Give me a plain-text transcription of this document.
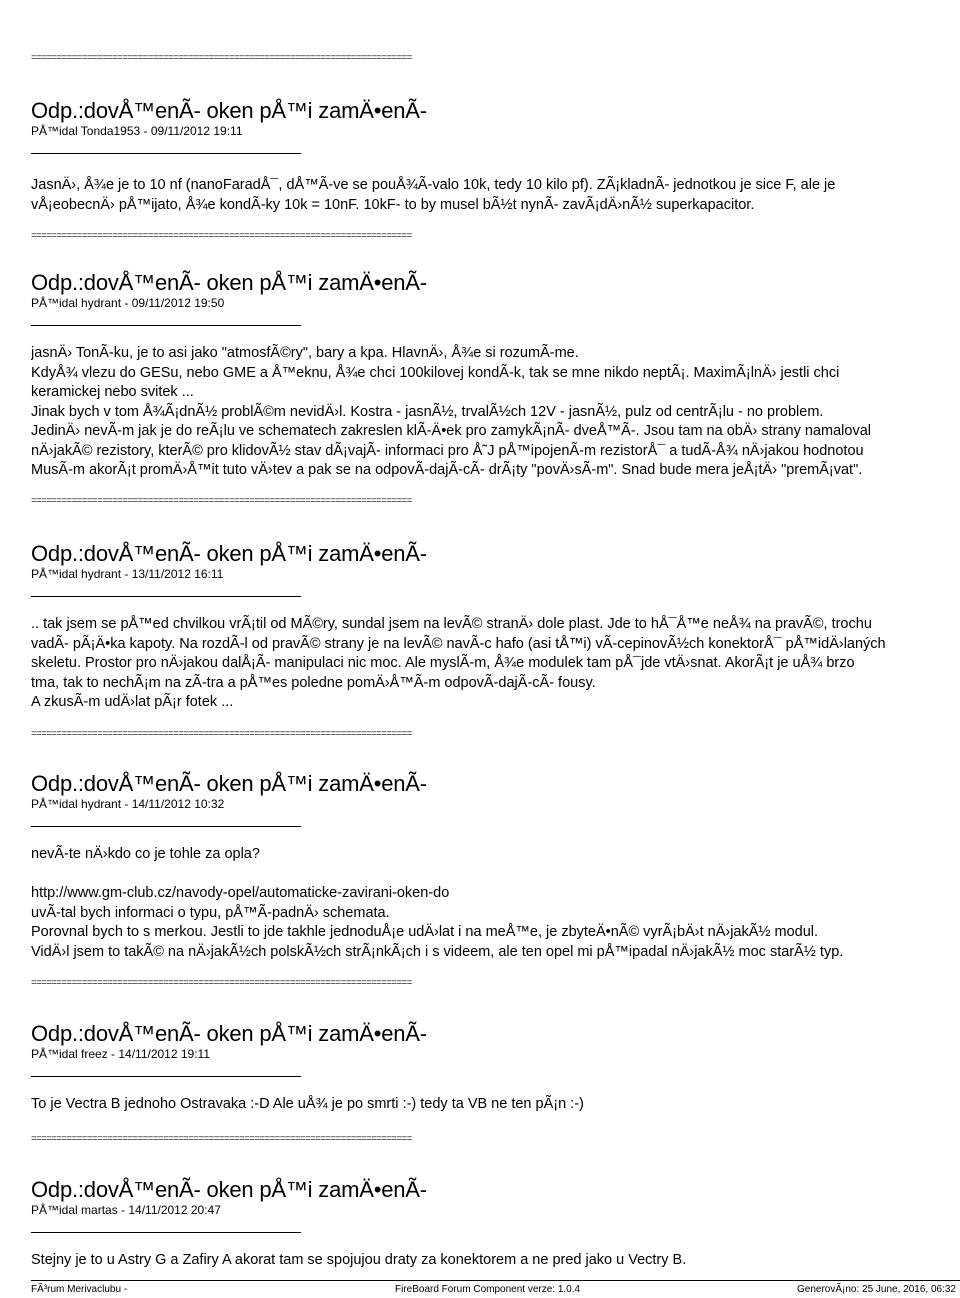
===========================================================================
===========================================================================
===========================================================================
===========================================================================
===========================================================================
===========================================================================
Odp.:dovÅ™enÃ- oken pÅ™i zamÄ•enÃ-

PÅ™idal Tonda1953 - 09/11/2012 19:11

JasnÄ›, Å¾e je to 10 nf (nanoFaradÅ¯, dÅ™Ã-ve se pouÅ¾Ã-valo 10k, tedy 10 kilo pf). ZÃ¡kladnÃ- jednotkou je sice F, ale je
vÅ¡eobecnÄ› pÅ™ijato, Å¾e kondÃ-ky 10k = 10nF. 10kF- to by musel bÃ½t nynÃ- zavÃ¡dÄ›nÃ½ superkapacitor.
Odp.:dovÅ™enÃ- oken pÅ™i zamÄ•enÃ-

PÅ™idal hydrant - 09/11/2012 19:50

jasnÄ› TonÃ-ku, je to asi jako "atmosfÃ©ry", bary a kpa. HlavnÄ›, Å¾e si rozumÃ-me.
KdyÅ¾ vlezu do GESu, nebo GME a Å™eknu, Å¾e chci 100kilovej kondÃ-k, tak se mne nikdo neptÃ¡. MaximÃ¡lnÄ› jestli chci
keramickej nebo svitek ...
Jinak bych v tom Å¾Ã¡dnÃ½ problÃ©m nevidÄ›l. Kostra - jasnÃ½, trvalÃ½ch 12V - jasnÃ½, pulz od centrÃ¡lu - no problem.
JedinÄ› nevÃ-m jak je do reÃ¡lu ve schematech zakreslen klÃ-Ä•ek pro zamykÃ¡nÃ- dveÅ™Ã-. Jsou tam na obÄ› strany namaloval
nÄ›jakÃ© rezistory, kterÃ© pro klidovÃ½ stav dÃ¡vajÃ- informaci pro Å˜J pÅ™ipojenÃ-m rezistorÅ¯ a tudÃ-Å¾ nÄ›jakou hodnotou
MusÃ-m akorÃ¡t promÄ›Å™it tuto vÄ›tev a pak se na odpovÃ-dajÃ-cÃ- drÃ¡ty "povÄ›sÃ-m". Snad bude mera jeÅ¡tÄ› "premÃ¡vat".
Odp.:dovÅ™enÃ- oken pÅ™i zamÄ•enÃ-

PÅ™idal hydrant - 13/11/2012 16:11

.. tak jsem se pÅ™ed chvilkou vrÃ¡til od MÃ©ry, sundal jsem na levÃ© stranÄ› dole plast. Jde to hÅ¯Å™e neÅ¾ na pravÃ©, trochu
vadÃ- pÃ¡Ä•ka kapoty. Na rozdÃ-l od pravÃ© strany je na levÃ© navÃ-c hafo (asi tÅ™i) vÃ-cepinovÃ½ch konektorÅ¯ pÅ™idÄ›laných
skeletu. Prostor pro nÄ›jakou dalÅ¡Ã- manipulaci nic moc. Ale myslÃ-m, Å¾e modulek tam pÅ¯jde vtÄ›snat. AkorÃ¡t je uÅ¾ brzo
tma, tak to nechÃ¡m na zÃ-tra a pÅ™es poledne pomÄ›Å™Ã-m odpovÃ-dajÃ-cÃ- fousy.
A zkusÃ-m udÄ›lat pÃ¡r fotek ...
Odp.:dovÅ™enÃ- oken pÅ™i zamÄ•enÃ-

PÅ™idal hydrant - 14/11/2012 10:32

nevÃ-te nÄ›kdo co je tohle za opla?
http://www.gm-club.cz/navody-opel/automaticke-zavirani-oken-do
uvÃ-tal bych informaci o typu, pÅ™Ã-padnÄ› schemata.
Porovnal bych to s merkou. Jestli to jde takhle jednoduÅ¡e udÄ›lat i na meÅ™e, je zbyteÄ•nÃ© vyrÃ¡bÄ›t nÄ›jakÃ½ modul.
VidÄ›l jsem to takÃ© na nÄ›jakÃ½ch polskÃ½ch strÃ¡nkÃ¡ch i s videem, ale ten opel mi pÅ™ipadal nÄ›jakÃ½ moc starÃ½ typ.
Odp.:dovÅ™enÃ- oken pÅ™i zamÄ•enÃ-

PÅ™idal freez - 14/11/2012 19:11

To je Vectra B jednoho Ostravaka :-D Ale uÅ¾ je po smrti :-) tedy ta VB ne ten pÃ¡n :-)
Odp.:dovÅ™enÃ- oken pÅ™i zamÄ•enÃ-

PÅ™idal martas - 14/11/2012 20:47

Stejny je to u Astry G a Zafiry A akorat tam se spojujou draty za konektorem a ne pred jako u Vectry B.
FÃ³rum Merivaclubu -	FireBoard Forum Component verze: 1.0.4	GenerovÃ¡no: 25 June, 2016, 06:32
